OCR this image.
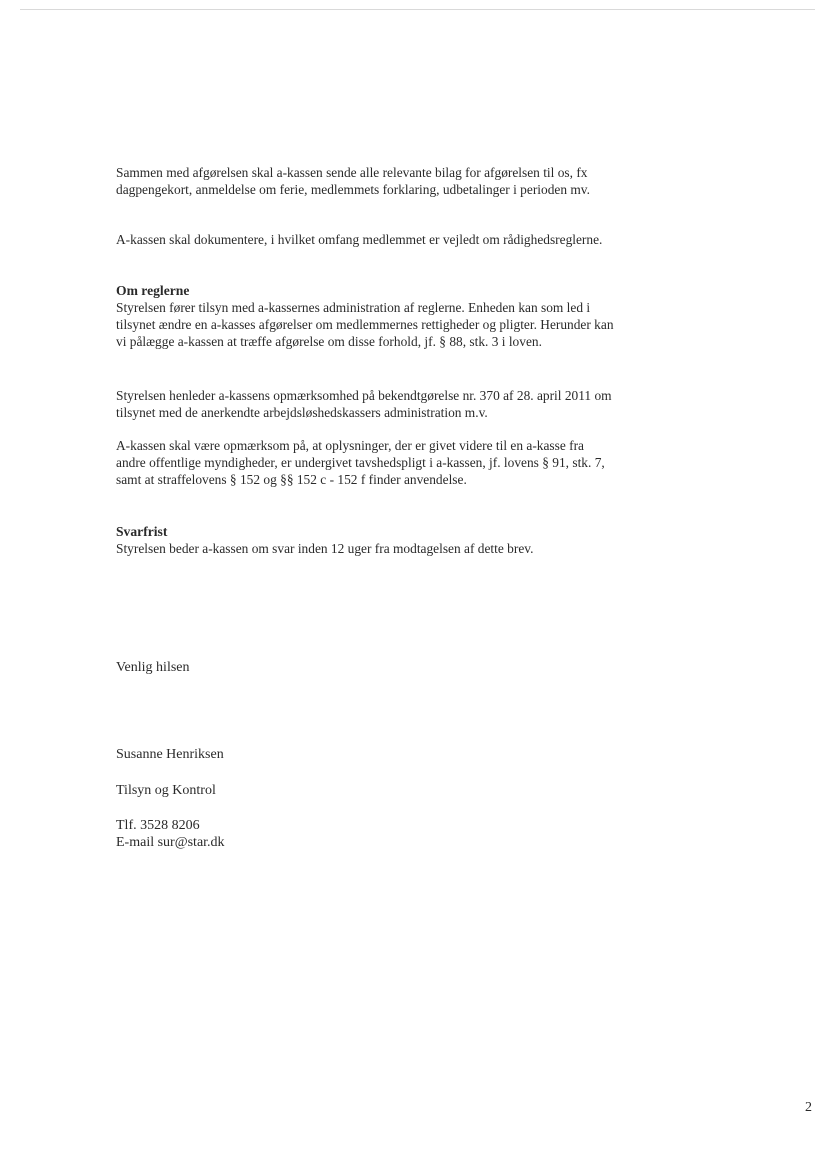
Sammen med afgørelsen skal a-kassen sende alle relevante bilag for afgørelsen til os, fx dagpengekort, anmeldelse om ferie, medlemmets forklaring, udbetalinger i perioden mv.

A-kassen skal dokumentere, i hvilket omfang medlemmet er vejledt om rådighedsreglerne.

Om reglerne

Styrelsen fører tilsyn med a-kassernes administration af reglerne. Enheden kan som led i tilsynet ændre en a-kasses afgørelser om medlemmernes rettigheder og pligter. Herunder kan vi pålægge a-kassen at træffe afgørelse om disse forhold, jf. § 88, stk. 3 i loven.

Styrelsen henleder a-kassens opmærksomhed på bekendtgørelse nr. 370 af 28. april 2011 om tilsynet med de anerkendte arbejdsløshedskassers administration m.v.

A-kassen skal være opmærksom på, at oplysninger, der er givet videre til en a-kasse fra andre offentlige myndigheder, er undergivet tavshedspligt i a-kassen, jf. lovens § 91, stk. 7, samt at straffelovens § 152 og §§ 152 c - 152 f finder anvendelse.

Svarfrist

Styrelsen beder a-kassen om svar inden 12 uger fra modtagelsen af dette brev.

Venlig hilsen
Susanne Henriksen
Tilsyn og Kontrol
Tlf. 3528 8206
E-mail sur@star.dk
2
